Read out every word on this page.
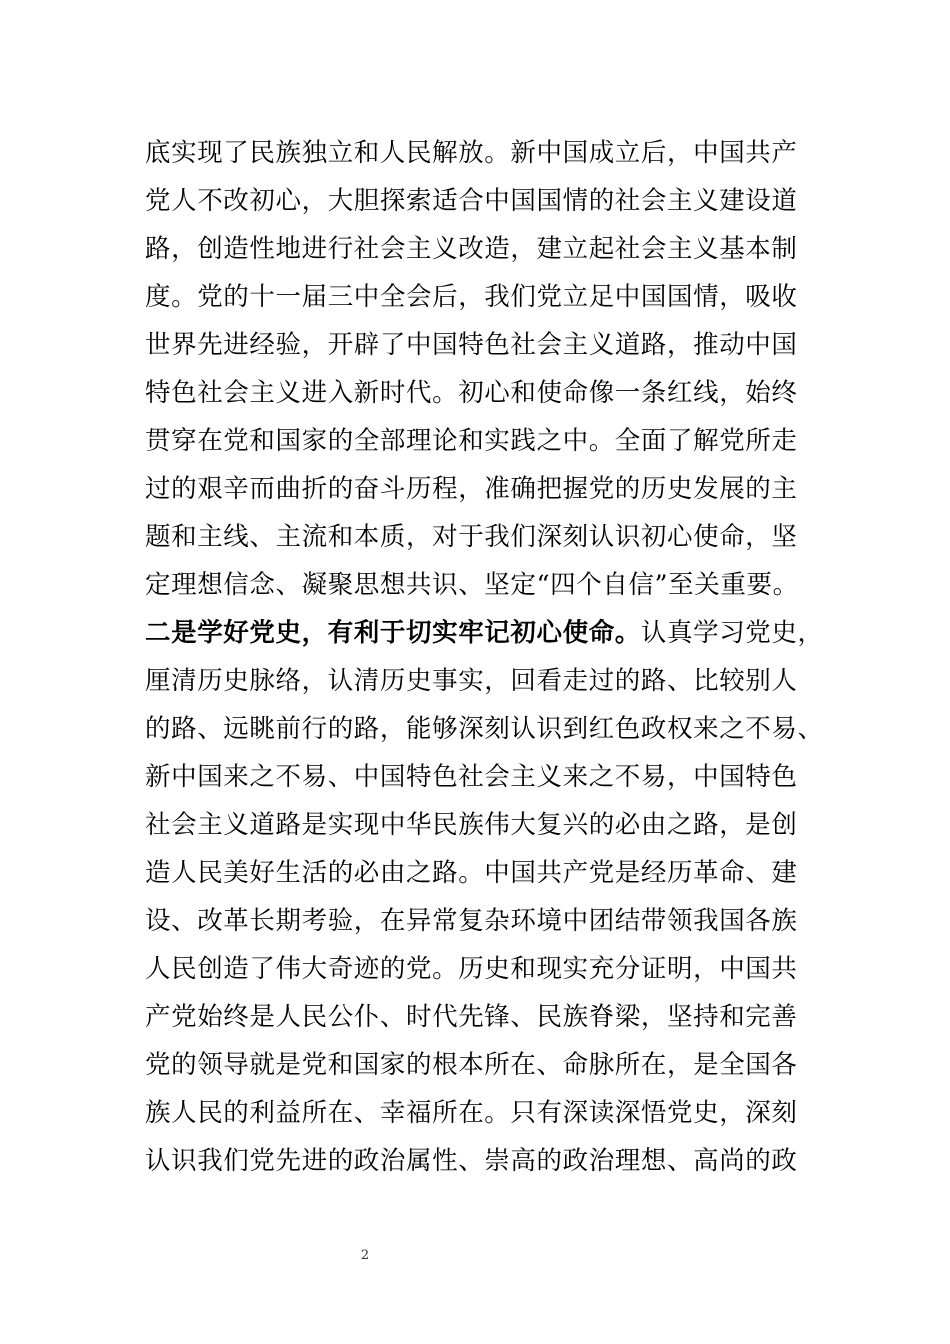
底实现了民族独立和人民解放。新中国成立后，中国共产
党人不改初心，大胆探索适合中国国情的社会主义建设道
路，创造性地进行社会主义改造，建立起社会主义基本制
度。党的十一届三中全会后，我们党立足中国国情，吸收
世界先进经验，开辟了中国特色社会主义道路，推动中国
特色社会主义进入新时代。初心和使命像一条红线，始终
贯穿在党和国家的全部理论和实践之中。全面了解党所走
过的艰辛而曲折的奋斗历程，准确把握党的历史发展的主
题和主线、主流和本质，对于我们深刻认识初心使命，坚
定理想信念、凝聚思想共识、坚定“四个自信”至关重要。
二是学好党史，有利于切实牢记初心使命。认真学习党史，
厘清历史脉络，认清历史事实，回看走过的路、比较别人
的路、远眺前行的路，能够深刻认识到红色政权来之不易、
新中国来之不易、中国特色社会主义来之不易，中国特色
社会主义道路是实现中华民族伟大复兴的必由之路，是创
造人民美好生活的必由之路。中国共产党是经历革命、建
设、改革长期考验，在异常复杂环境中团结带领我国各族
人民创造了伟大奇迹的党。历史和现实充分证明，中国共
产党始终是人民公仆、时代先锋、民族脊梁，坚持和完善
党的领导就是党和国家的根本所在、命脉所在，是全国各
族人民的利益所在、幸福所在。只有深读深悟党史，深刻
认识我们党先进的政治属性、崇高的政治理想、高尚的政
2
